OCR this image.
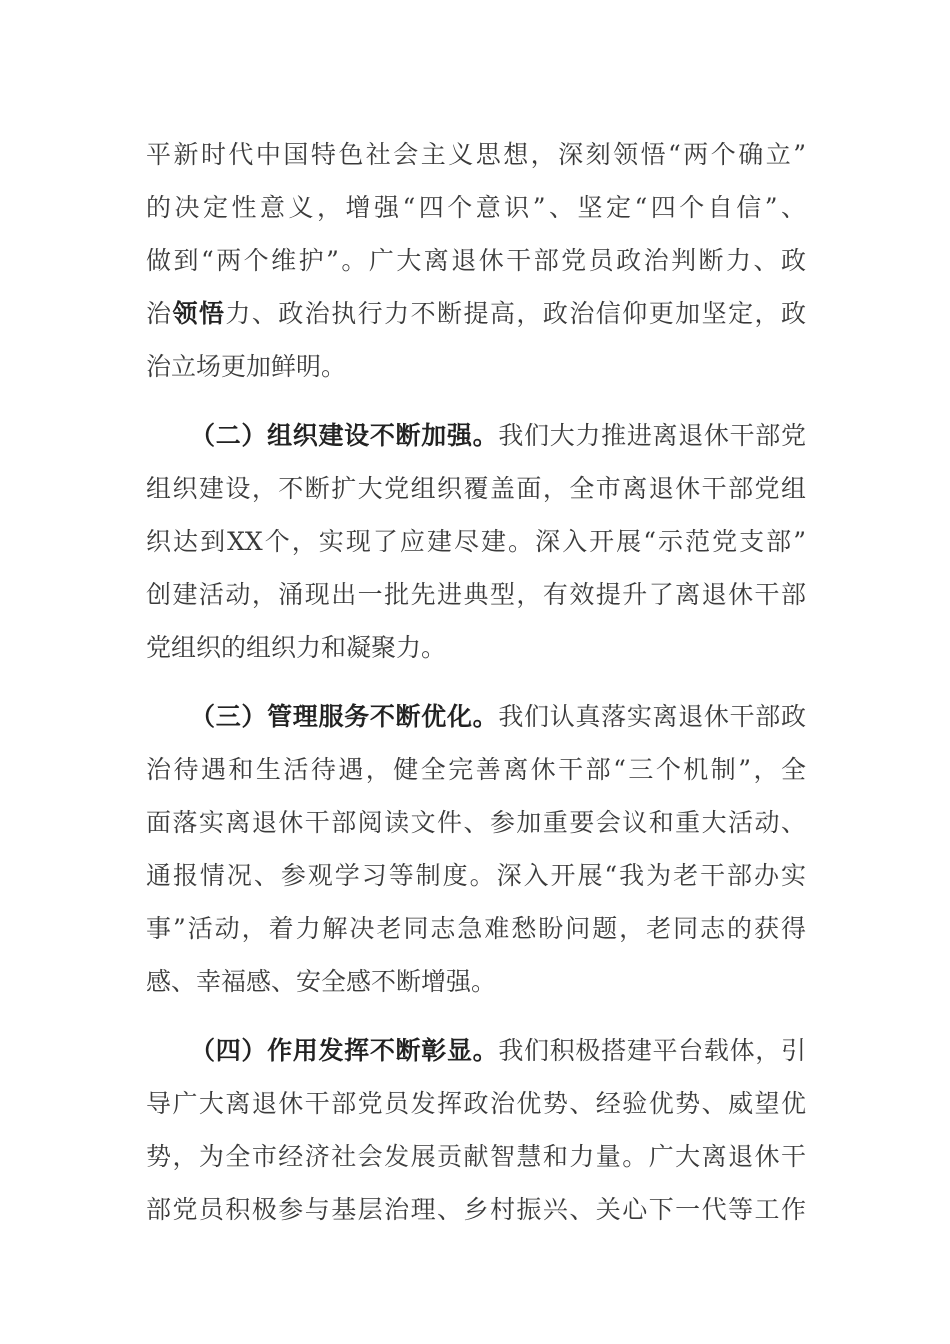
平新时代中国特色社会主义思想，深刻领悟“两个确立”
的决定性意义，增强“四个意识”、坚定“四个自信”、
做到“两个维护”。广大离退休干部党员政治判断力、政
治领悟力、政治执行力不断提高，政治信仰更加坚定，政
治立场更加鲜明。
（二）组织建设不断加强。我们大力推进离退休干部党
组织建设，不断扩大党组织覆盖面，全市离退休干部党组
织达到XX个，实现了应建尽建。深入开展“示范党支部”
创建活动，涌现出一批先进典型，有效提升了离退休干部
党组织的组织力和凝聚力。
（三）管理服务不断优化。我们认真落实离退休干部政
治待遇和生活待遇，健全完善离休干部“三个机制”，全
面落实离退休干部阅读文件、参加重要会议和重大活动、
通报情况、参观学习等制度。深入开展“我为老干部办实
事”活动，着力解决老同志急难愁盼问题，老同志的获得
感、幸福感、安全感不断增强。
（四）作用发挥不断彰显。我们积极搭建平台载体，引
导广大离退休干部党员发挥政治优势、经验优势、威望优
势，为全市经济社会发展贡献智慧和力量。广大离退休干
部党员积极参与基层治理、乡村振兴、关心下一代等工作
